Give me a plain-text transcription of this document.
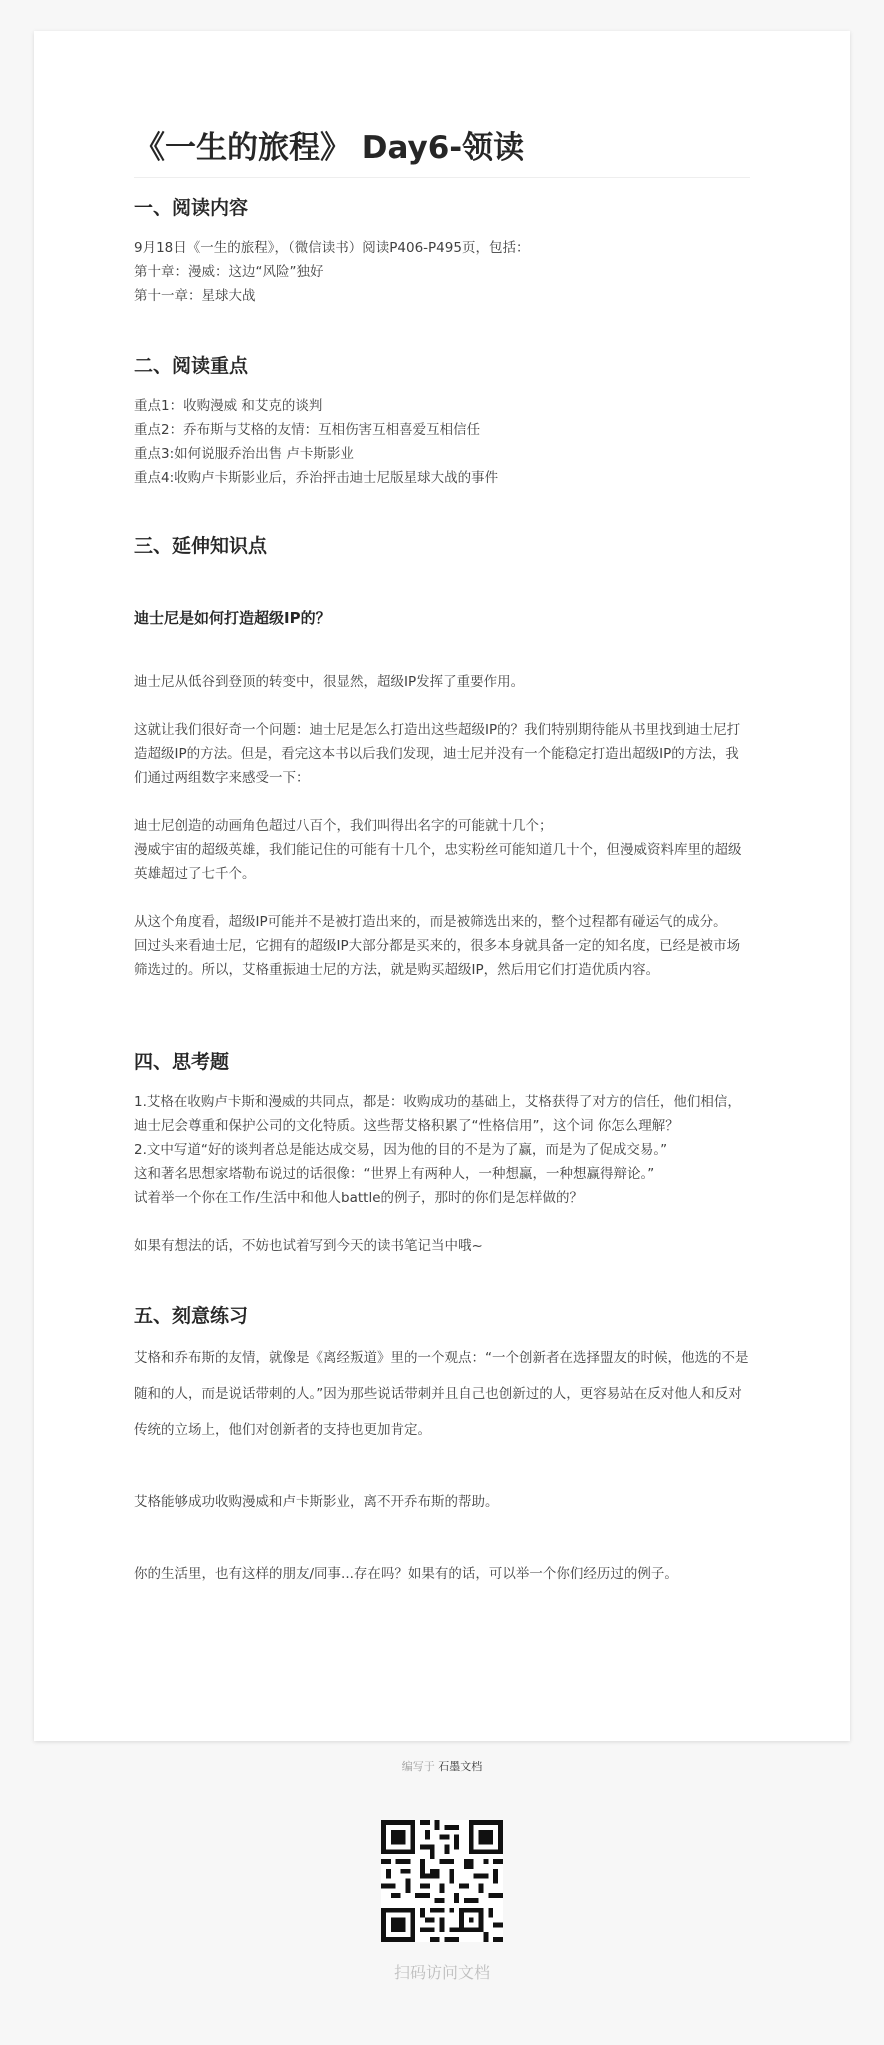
《一生的旅程》 Day6-领读
一、阅读内容

9月18日《一生的旅程》，（微信读书）阅读P406-P495页，包括：

第十章：漫威：这边“风险”独好

第十一章：星球大战

二、阅读重点

重点1：收购漫威 和艾克的谈判

重点2：乔布斯与艾格的友情：互相伤害互相喜爱互相信任

重点3:如何说服乔治出售 卢卡斯影业

重点4:收购卢卡斯影业后，乔治抨击迪士尼版星球大战的事件

三、延伸知识点
迪士尼是如何打造超级IP的？

迪士尼从低谷到登顶的转变中，很显然，超级IP发挥了重要作用。

这就让我们很好奇一个问题：迪士尼是怎么打造出这些超级IP的？我们特别期待能从书里找到迪士尼打造超级IP的方法。但是，看完这本书以后我们发现，迪士尼并没有一个能稳定打造出超级IP的方法，我们通过两组数字来感受一下：

迪士尼创造的动画角色超过八百个，我们叫得出名字的可能就十几个；

漫威宇宙的超级英雄，我们能记住的可能有十几个，忠实粉丝可能知道几十个，但漫威资料库里的超级英雄超过了七千个。

从这个角度看，超级IP可能并不是被打造出来的，而是被筛选出来的，整个过程都有碰运气的成分。

回过头来看迪士尼，它拥有的超级IP大部分都是买来的，很多本身就具备一定的知名度，已经是被市场筛选过的。所以，艾格重振迪士尼的方法，就是购买超级IP，然后用它们打造优质内容。

四、思考题

1.艾格在收购卢卡斯和漫威的共同点，都是：收购成功的基础上，艾格获得了对方的信任，他们相信，迪士尼会尊重和保护公司的文化特质。这些帮艾格积累了“性格信用”，这个词 你怎么理解？

2.文中写道“好的谈判者总是能达成交易，因为他的目的不是为了赢，而是为了促成交易。”

这和著名思想家塔勒布说过的话很像：“世界上有两种人，一种想赢，一种想赢得辩论。”

试着举一个你在工作/生活中和他人battle的例子，那时的你们是怎样做的？

如果有想法的话，不妨也试着写到今天的读书笔记当中哦~

五、刻意练习

艾格和乔布斯的友情，就像是《离经叛道》里的一个观点：“一个创新者在选择盟友的时候，他选的不是随和的人，而是说话带刺的人。”因为那些说话带刺并且自己也创新过的人，更容易站在反对他人和反对传统的立场上，他们对创新者的支持也更加肯定。

艾格能够成功收购漫威和卢卡斯影业，离不开乔布斯的帮助。

你的生活里，也有这样的朋友/同事...存在吗？如果有的话，可以举一个你们经历过的例子。

编写于 石墨文档
扫码访问文档
